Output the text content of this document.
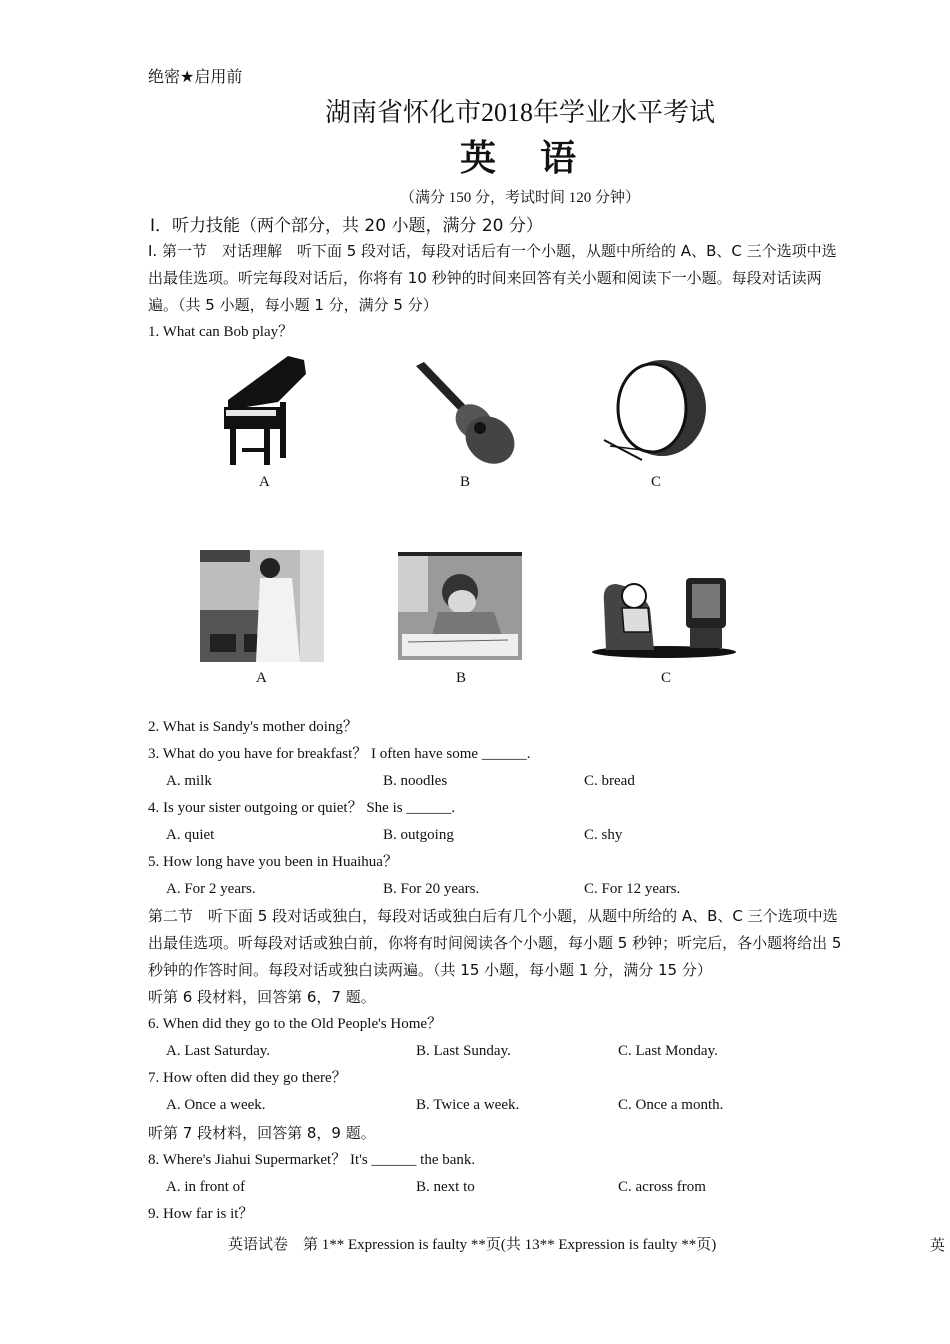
绝密★启用前
湖南省怀化市2018年学业水平考试
英　语
（满分 150 分，考试时间 120 分钟）
Ⅰ．听力技能（两个部分，共 20 小题，满分 20 分）
Ⅰ. 第一节　对话理解　听下面 5 段对话，每段对话后有一个小题，从题中所给的 A、B、C 三个选项中选
出最佳选项。听完每段对话后，你将有 10 秒钟的时间来回答有关小题和阅读下一小题。每段对话读两
遍。（共 5 小题，每小题 1 分，满分 5 分）
1. What can Bob play？
A	B	C
A	B	C
2. What is Sandy's mother doing？
3. What do you have for breakfast？ I often have some ______.
A. milk	B. noodles	C. bread
4. Is your sister outgoing or quiet？ She is ______.
A. quiet	B. outgoing	C. shy
5. How long have you been in Huaihua？
A. For 2 years.	B. For 20 years.	C. For 12 years.
第二节　听下面 5 段对话或独白，每段对话或独白后有几个小题，从题中所给的 A、B、C 三个选项中选
出最佳选项。听每段对话或独白前，你将有时间阅读各个小题，每小题 5 秒钟；听完后，各小题将给出 5
秒钟的作答时间。每段对话或独白读两遍。（共 15 小题，每小题 1 分，满分 15 分）
听第 6 段材料，回答第 6，7 题。
6. When did they go to the Old People's Home？
A. Last Saturday.	B. Last Sunday.	C. Last Monday.
7. How often did they go there？
A. Once a week.	B. Twice a week.	C. Once a month.
听第 7 段材料，回答第 8，9 题。
8. Where's Jiahui Supermarket？ It's ______ the bank.
A. in front of	B. next to	C. across from
9. How far is it？
英语试卷　第 1** Expression is faulty **页(共 13** Expression is faulty **页)	英
